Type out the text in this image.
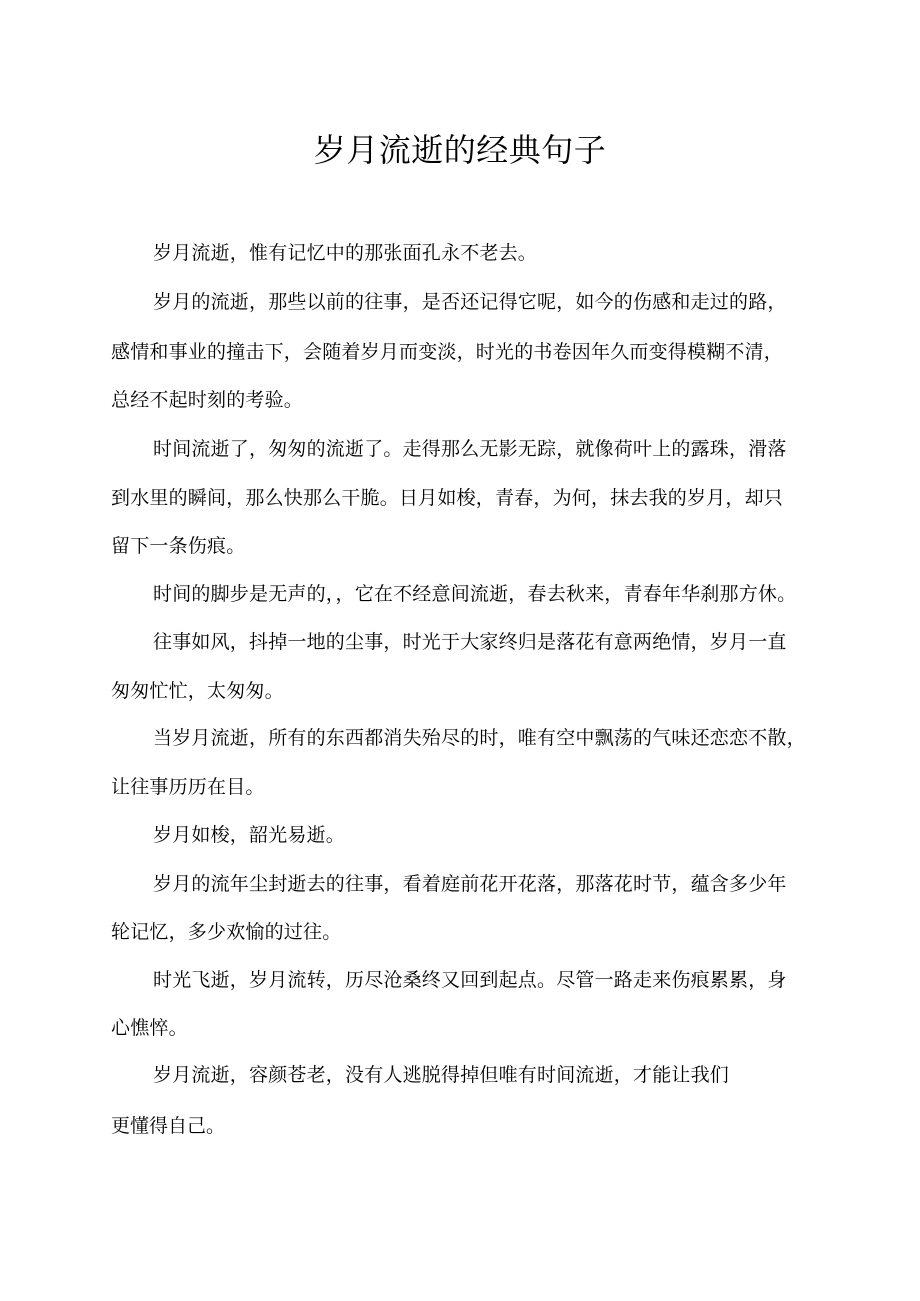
岁月流逝的经典句子
岁月流逝，惟有记忆中的那张面孔永不老去。
岁月的流逝，那些以前的往事，是否还记得它呢，如今的伤感和走过的路，
感情和事业的撞击下，会随着岁月而变淡，时光的书卷因年久而变得模糊不清，
总经不起时刻的考验。
时间流逝了，匆匆的流逝了。走得那么无影无踪，就像荷叶上的露珠，滑落
到水里的瞬间，那么快那么干脆。日月如梭，青春，为何，抹去我的岁月，却只
留下一条伤痕。
时间的脚步是无声的，，它在不经意间流逝，春去秋来，青春年华刹那方休。
往事如风，抖掉一地的尘事，时光于大家终归是落花有意两绝情，岁月一直
匆匆忙忙，太匆匆。
当岁月流逝，所有的东西都消失殆尽的时，唯有空中飘荡的气味还恋恋不散，
让往事历历在目。
岁月如梭，韶光易逝。
岁月的流年尘封逝去的往事，看着庭前花开花落，那落花时节，蕴含多少年
轮记忆，多少欢愉的过往。
时光飞逝，岁月流转，历尽沧桑终又回到起点。尽管一路走来伤痕累累，身
心憔悴。
岁月流逝，容颜苍老，没有人逃脱得掉但唯有时间流逝，才能让我们
更懂得自己。
